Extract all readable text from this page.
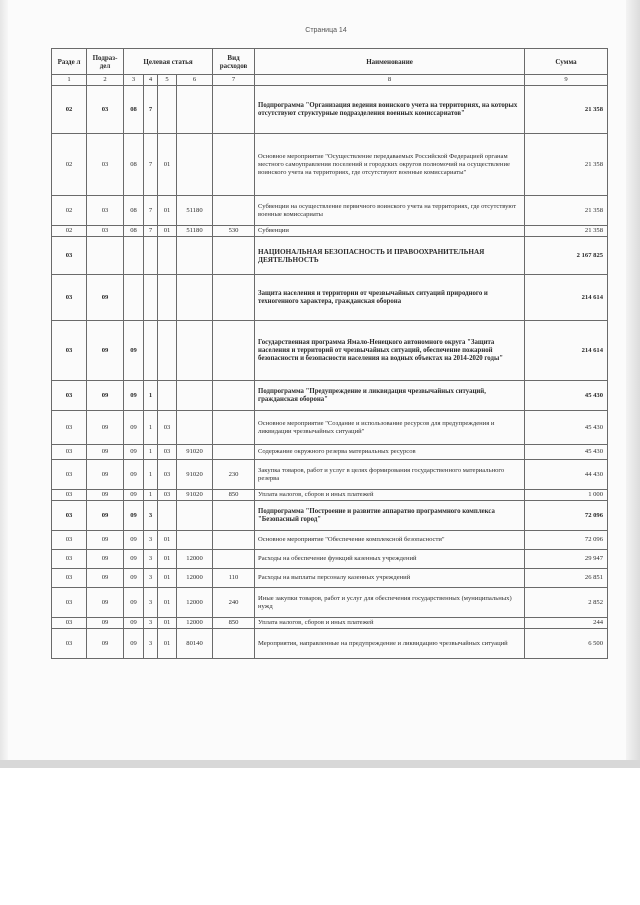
Страница 14
Разде л	Подраз- дел	Целевая статья				Вид расходов	Наименование	Сумма
1	2	3	4	5	6	7	8	9
02	03	08	7				Подпрограмма "Организация ведения воинского учета на территориях, на которых отсутствуют структурные подразделения военных комиссариатов"	21 358
02	03	08	7	01			Основное мероприятие "Осуществление передаваемых Российской Федерацией органам местного самоуправления поселений и городских округов полномочий на осуществление воинского учета на территориях, где отсутствуют военные комиссариаты"	21 358
02	03	08	7	01	51180		Субвенции на осуществление первичного воинского учета на территориях, где отсутствуют военные комиссариаты	21 358
02	03	08	7	01	51180	530	Субвенции	21 358
03							НАЦИОНАЛЬНАЯ БЕЗОПАСНОСТЬ И ПРАВООХРАНИТЕЛЬНАЯ ДЕЯТЕЛЬНОСТЬ	2 167 825
03	09						Защита населения и территории от чрезвычайных ситуаций природного и техногенного характера, гражданская оборона	214 614
03	09	09					Государственная программа Ямало-Ненецкого автономного округа "Защита населения и территорий от чрезвычайных ситуаций, обеспечение пожарной безопасности и безопасности населения на водных объектах на 2014-2020 годы"	214 614
03	09	09	1				Подпрограмма "Предупреждение и ликвидация чрезвычайных ситуаций, гражданская оборона"	45 430
03	09	09	1	03			Основное мероприятие "Создание и использование ресурсов для предупреждения и ликвидации чрезвычайных ситуаций"	45 430
03	09	09	1	03	91020		Содержание окружного резерва материальных ресурсов	45 430
03	09	09	1	03	91020	230	Закупка товаров, работ и услуг в целях формирования государственного материального резерва	44 430
03	09	09	1	03	91020	850	Уплата налогов, сборов и иных платежей	1 000
03	09	09	3				Подпрограмма "Построение и развитие аппаратно программного комплекса "Безопасный город"	72 096
03	09	09	3	01			Основное мероприятие "Обеспечение комплексной безопасности"	72 096
03	09	09	3	01	12000		Расходы на обеспечение функций казенных учреждений	29 947
03	09	09	3	01	12000	110	Расходы на выплаты персоналу казенных учреждений	26 851
03	09	09	3	01	12000	240	Иные закупки товаров, работ и услуг для обеспечения государственных (муниципальных) нужд	2 852
03	09	09	3	01	12000	850	Уплата налогов, сборов и иных платежей	244
03	09	09	3	01	80140		Мероприятия, направленные на предупреждение и ликвидацию чрезвычайных ситуаций	6 500
